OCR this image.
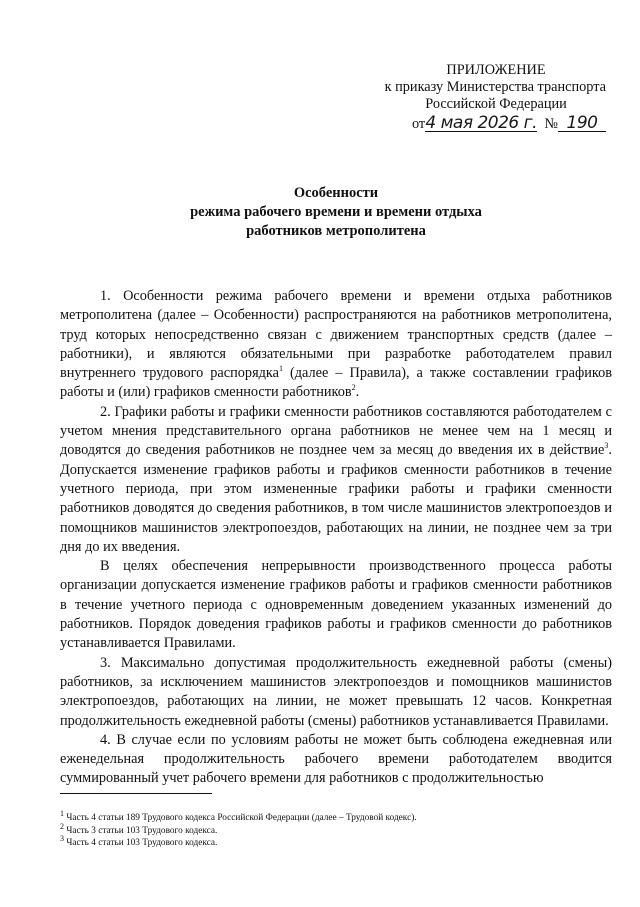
ПРИЛОЖЕНИЕ
к приказу Министерства транспорта
Российской Федерации
от4 мая 2026 г. № 190
Особенности
режима рабочего времени и времени отдыха
работников метрополитена

1. Особенности режима рабочего времени и времени отдыха работников метрополитена (далее – Особенности) распространяются на работников метрополитена, труд которых непосредственно связан с движением транспортных средств (далее – работники), и являются обязательными при разработке работодателем правил внутреннего трудового распорядка$^1$ (далее – Правила), а также составлении графиков работы и (или) графиков сменности работников$^2$.

2. Графики работы и графики сменности работников составляются работодателем с учетом мнения представительного органа работников не менее чем на 1 месяц и доводятся до сведения работников не позднее чем за месяц до введения их в действие$^3$. Допускается изменение графиков работы и графиков сменности работников в течение учетного периода, при этом измененные графики работы и графики сменности работников доводятся до сведения работников, в том числе машинистов электропоездов и помощников машинистов электропоездов, работающих на линии, не позднее чем за три дня до их введения.

В целях обеспечения непрерывности производственного процесса работы организации допускается изменение графиков работы и графиков сменности работников в течение учетного периода с одновременным доведением указанных изменений до работников. Порядок доведения графиков работы и графиков сменности до работников устанавливается Правилами.

3. Максимально допустимая продолжительность ежедневной работы (смены) работников, за исключением машинистов электропоездов и помощников машинистов электропоездов, работающих на линии, не может превышать 12 часов. Конкретная продолжительность ежедневной работы (смены) работников устанавливается Правилами.

4. В случае если по условиям работы не может быть соблюдена ежедневная или еженедельная продолжительность рабочего времени работодателем вводится суммированный учет рабочего времени для работников с продолжительностью

$^1$ Часть 4 статьи 189 Трудового кодекса Российской Федерации (далее – Трудовой кодекс).
$^2$ Часть 3 статьи 103 Трудового кодекса.
$^3$ Часть 4 статьи 103 Трудового кодекса.
